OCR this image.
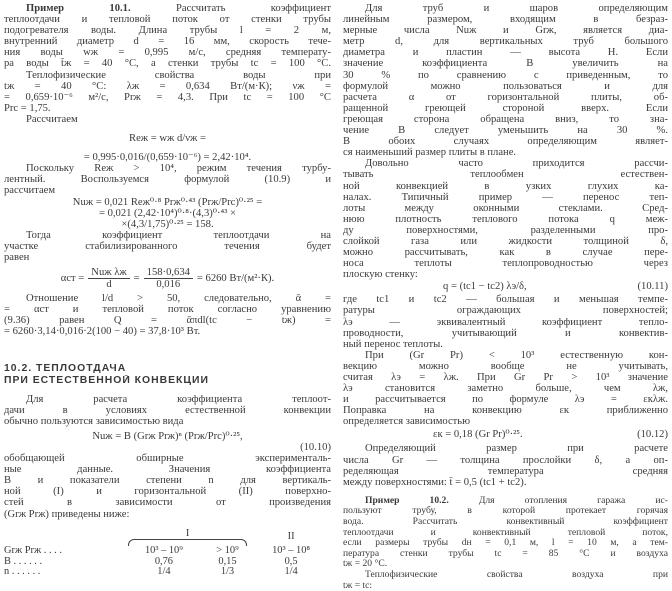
Пример 10.1. Рассчитать коэффициент
теплоотдачи и тепловой поток от стенки трубы
подогревателя воды. Длина трубы l = 2 м,
внутренний диаметр d = 16 мм, скорость тече-
ния воды wж = 0,995 м/с, средняя температу-
ра воды t̄ж = 40 °С, а стенки трубы tс = 100 °С.
Теплофизические свойства воды при
tж = 40 °С: λж = 0,634 Вт/(м·К); νж =
= 0,659·10⁻⁶ м²/с, Prж = 4,3. При tс = 100 °С
Prс = 1,75.
Рассчитаем
Reж = wж d/νж =
= 0,995·0,016/(0,659·10⁻⁶) = 2,42·10⁴.
Поскольку Reж > 10⁴, режим течения турбу-
лентный. Воспользуемся формулой (10.9) и
рассчитаем
Nuж = 0,021 Reж⁰·⁸ Prж⁰·⁴³ (Prж/Prс)⁰·²⁵ =
= 0,021 (2,42·10⁴)⁰·⁸·(4,3)⁰·⁴³ ×
×(4,3/1,75)⁰·²⁵ = 158.
Тогда коэффициент теплоотдачи на
участке стабилизированного течения будет
равен
$\alpha ст = \frac{\text{Nuж λж}}{d} = \frac{158\cdot 0,634}{0,016} = 6260$ Вт/(м²·К).
Отношение l/d > 50, следовательно, ᾱ =
= αст и тепловой поток согласно уравнению
(9.36) равен Q = ᾱπdl(tс − tж) =
= 6260·3,14·0,016·2(100 − 40) = 37,8·10³ Вт.
10.2. ТЕПЛООТДАЧА
ПРИ ЕСТЕСТВЕННОЙ КОНВЕКЦИИ
Для расчета коэффициента теплоот-
дачи в условиях естественной конвекции
обычно пользуются зависимостью вида
N̄uж = B (Grж Prж)ⁿ (Prж/Prс)⁰·²⁵,
(10.10)
обобщающей обширные эксперименталь-
ные данные. Значения коэффициента
B и показатели степени n для вертикаль-
ной (I) и горизонтальной (II) поверхно-
стей в зависимости от произведения
(Grж Prж) приведены ниже:

	I		II
Grж Prж . . . .	10³ – 10⁹	> 10⁹	10³ – 10⁸
B . . . . . .	0,76	0,15	0,5
n . . . . . .	1/4	1/3	1/4
Для труб и шаров определяющим
линейным размером, входящим в безраз-
мерные числа Nuж и Grж, является диа-
метр d, для вертикальных труб большого
диаметра и пластин — высота H. Если
значение коэффициента B увеличить на
30 % по сравнению с приведенным, то
формулой можно пользоваться и для
расчета α от горизонтальной плиты, об-
ращенной греющей стороной вверх. Если
греющая сторона обращена вниз, то зна-
чение B следует уменьшить на 30 %.
В обоих случаях определяющим являет-
ся наименьший размер плиты в плане.
Довольно часто приходится рассчи-
тывать теплообмен естествен-
ной конвекцией в узких глухих ка-
налах. Типичный пример — перенос теп-
лоты между оконными стеклами. Сред-
нюю плотность теплового потока q меж-
ду поверхностями, разделенными про-
слойкой газа или жидкости толщиной δ,
можно рассчитывать, как в случае пере-
носа теплоты теплопроводностью через
плоскую стенку:
q = (tс1 − tс2) λэ/δ,	(10.11)
где tс1 и tс2 — большая и меньшая темпе-
ратуры ограждающих поверхностей;
λэ — эквивалентный коэффициент тепло-
проводности, учитывающий и конвектив-
ный перенос теплоты.
При (Gr Pr) < 10³ естественную кон-
векцию можно вообще не учитывать,
считая λэ = λж. При Gr Pr > 10³ значение
λэ становится заметно больше, чем λж,
и рассчитывается по формуле λэ = εкλж.
Поправка на конвекцию εк приближенно
определяется зависимостью
εк = 0,18 (Gr Pr)⁰·²⁵.	(10.12)
Определяющий размер при расчете
числа Gr — толщина прослойки δ, а оп-
ределяющая температура средняя
между поверхностями: t̄ = 0,5 (tс1 + tс2).
Пример 10.2. Для отопления гаража ис-
пользуют трубу, в которой протекает горячая
вода. Рассчитать конвективный коэффициент
теплоотдачи и конвективный тепловой поток,
если размеры трубы dн = 0,1 м, l = 10 м, а тем-
пература стенки трубы tс = 85 °С и воздуха
tж = 20 °С.
Теплофизические свойства воздуха при
tж = tс:
